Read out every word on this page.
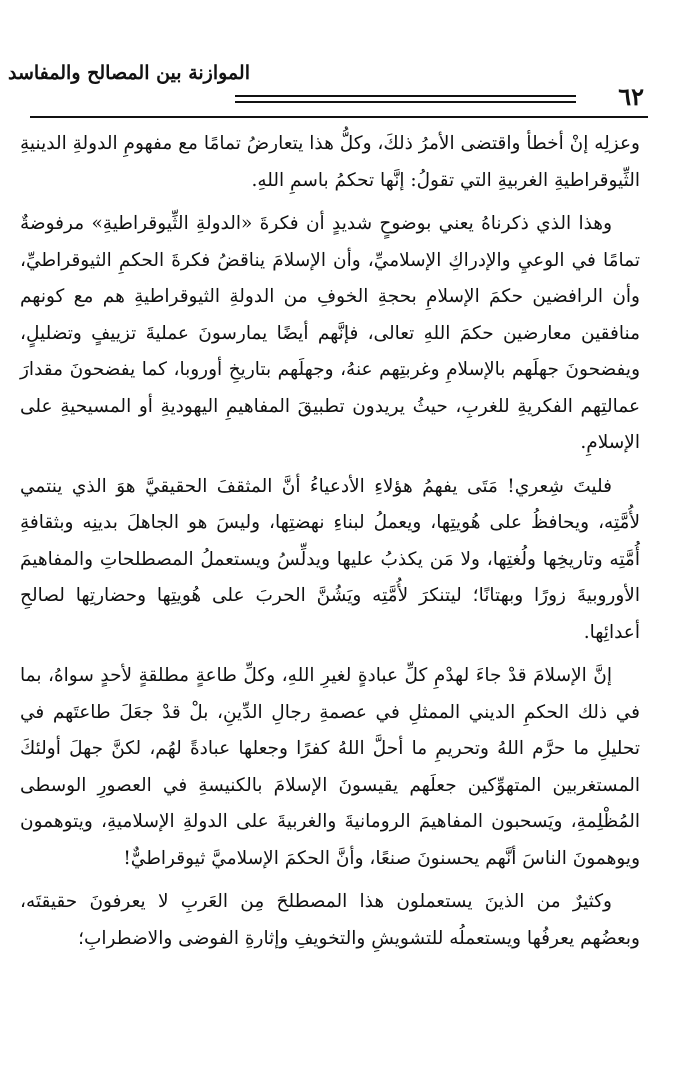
٦٢
الموازنة بين المصالح والمفاسد

وعزلِه إنْ أخطأ واقتضى الأمرُ ذلكَ، وكلُّ هذا يتعارضُ تمامًا مع مفهومِ الدولةِ الدينيةِ الثِّيوقراطيةِ الغربيةِ التي تقولُ: إنَّها تحكمُ باسمِ اللهِ.

وهذا الذي ذكرناهُ يعني بوضوحٍ شديدٍ أن فكرةَ «الدولةِ الثِّيوقراطيةِ» مرفوضةٌ تمامًا في الوعيِ والإدراكِ الإسلاميِّ، وأن الإسلامَ يناقضُ فكرةَ الحكمِ الثيوقراطيِّ، وأن الرافضين حكمَ الإسلامِ بحجةِ الخوفِ من الدولةِ الثيوقراطيةِ هم مع كونهم منافقين معارضين حكمَ اللهِ تعالى، فإنَّهم أيضًا يمارسونَ عمليةَ تزييفٍ وتضليلٍ، ويفضحونَ جهلَهم بالإسلامِ وغربتِهم عنهُ، وجهلَهم بتاريخِ أوروبا، كما يفضحونَ مقدارَ عمالتِهم الفكريةِ للغربِ، حيثُ يريدون تطبيقَ المفاهيمِ اليهوديةِ أو المسيحيةِ على الإسلامِ.

فليتَ شِعري! مَتَى يفهمُ هؤلاءِ الأدعياءُ أنَّ المثقفَ الحقيقيَّ هوَ الذي ينتمي لأُمَّتِه، ويحافظُ على هُويتِها، ويعملُ لبناءِ نهضتِها، وليسَ هو الجاهلَ بدينِه وبثقافةِ أُمَّتِه وتاريخِها ولُغتِها، ولا مَن يكذبُ عليها ويدلِّسُ ويستعملُ المصطلحاتِ والمفاهيمَ الأوروبيةَ زورًا وبهتانًا؛ ليتنكرَ لأُمَّتِه ويَشُنَّ الحربَ على هُويتِها وحضارتِها لصالحِ أعدائِها.

إنَّ الإسلامَ قدْ جاءَ لهدْمِ كلِّ عبادةٍ لغيرِ اللهِ، وكلِّ طاعةٍ مطلقةٍ لأحدٍ سواهُ، بما في ذلك الحكمِ الديني الممثلِ في عصمةِ رجالِ الدِّينِ، بلْ قدْ جعَلَ طاعتَهم في تحليلِ ما حرَّم اللهُ وتحريمِ ما أحلَّ اللهُ كفرًا وجعلها عبادةً لهُم، لكنَّ جهلَ أولئكَ المستغربين المتهوِّكين جعلَهم يقيسونَ الإسلامَ بالكنيسةِ في العصورِ الوسطى المُظْلِمةِ، ويَسحبون المفاهيمَ الرومانيةَ والغربيةَ على الدولةِ الإسلاميةِ، ويتوهمون ويوهمونَ الناسَ أنَّهم يحسنونَ صنعًا، وأنَّ الحكمَ الإسلاميَّ ثيوقراطيٌّ!

وكثيرٌ من الذينَ يستعملون هذا المصطلحَ مِن العَربِ لا يعرفونَ حقيقتَه، وبعضُهم يعرفُها ويستعملُه للتشويشِ والتخويفِ وإثارةِ الفوضى والاضطرابِ؛
